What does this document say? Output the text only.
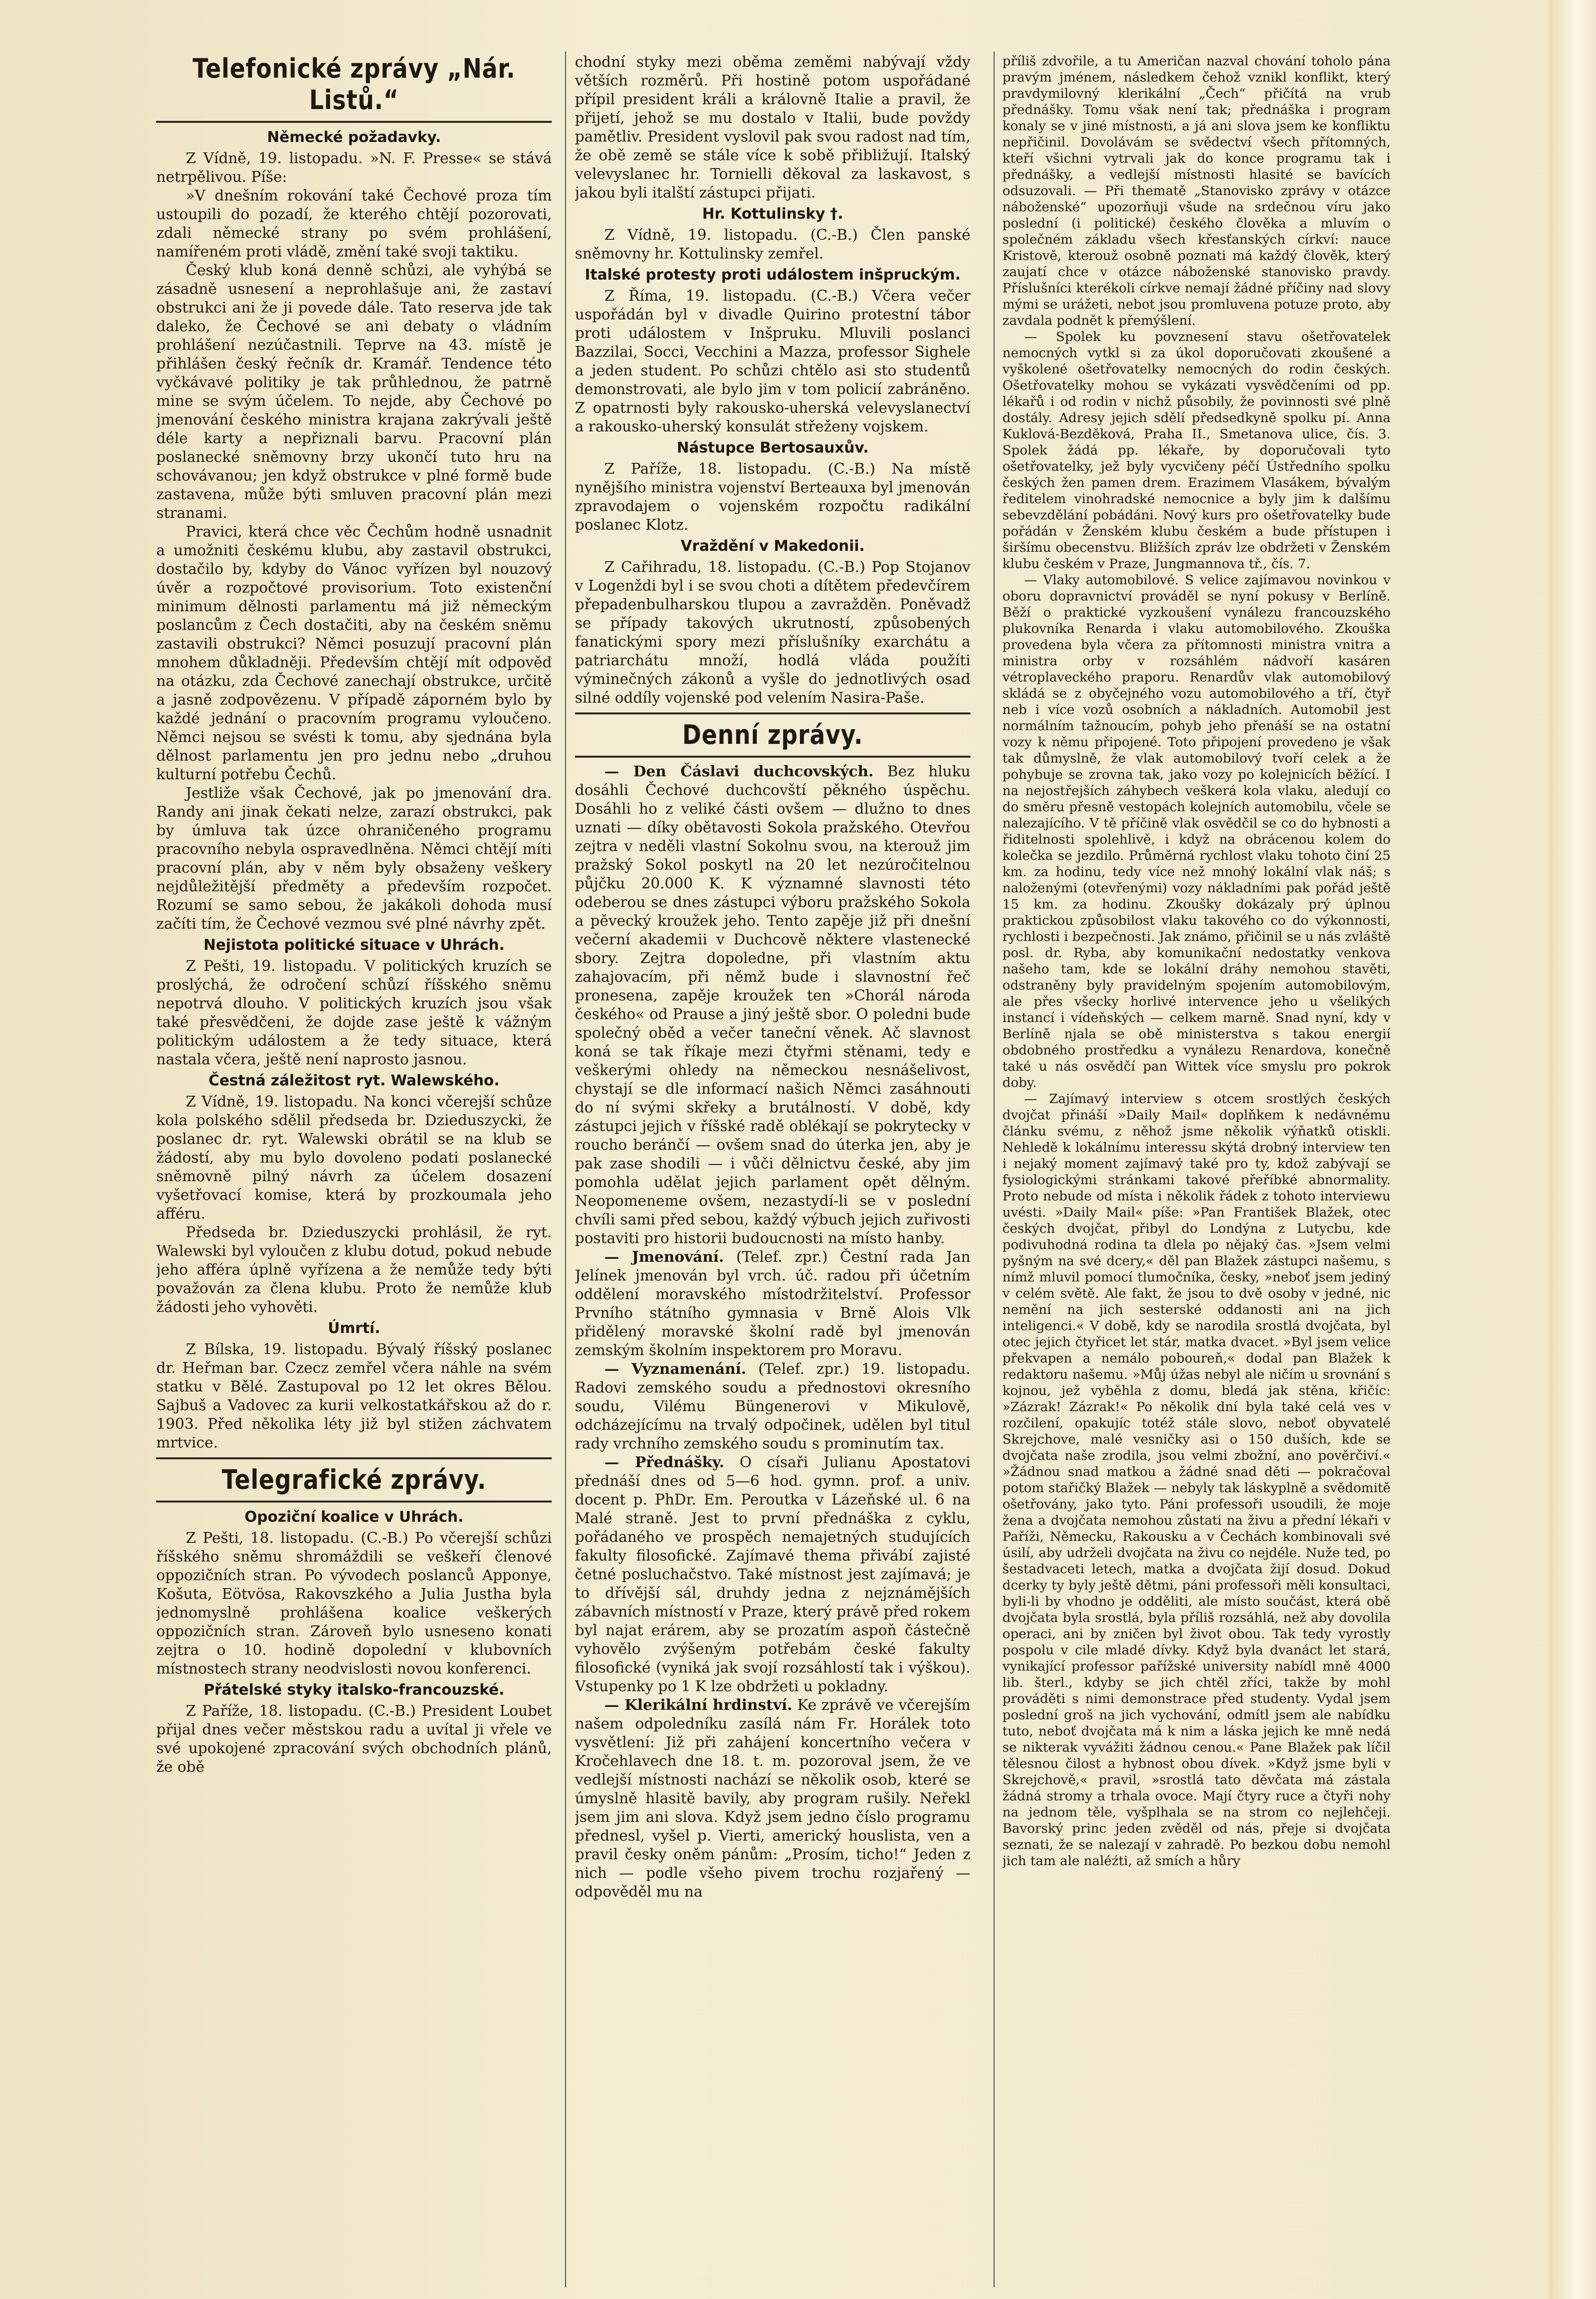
Telefonické zprávy „Nár. Listů.“
Německé požadavky.

Z Vídně, 19. listopadu. »N. F. Presse« se stává netrpělivou. Píše:

»V dnešním rokování také Čechové proza tím ustoupili do pozadí, že kterého chtějí pozorovati, zdali německé strany po svém prohlášení, namířeném proti vládě, změní také svoji taktiku.

Český klub koná denně schůzi, ale vyhýbá se zásadně usnesení a neprohlašuje ani, že zastaví obstrukci ani že ji povede dále. Tato reserva jde tak daleko, že Čechové se ani debaty o vládním prohlášení nezúčastnili. Teprve na 43. místě je přihlášen český řečník dr. Kramář. Tendence této vyčkávavé politiky je tak průhlednou, že patrně mine se svým účelem. To nejde, aby Čechové po jmenování českého ministra krajana zakrývali ještě déle karty a nepřiznali barvu. Pracovní plán poslanecké sněmovny brzy ukončí tuto hru na schovávanou; jen když obstrukce v plné formě bude zastavena, může býti smluven pracovní plán mezi stranami.

Pravici, která chce věc Čechům hodně usnadnit a umožniti českému klubu, aby zastavil obstrukci, dostačilo by, kdyby do Vánoc vyřízen byl nouzový úvěr a rozpočtové provisorium. Toto existenční minimum dělnosti parlamentu má již německým poslancům z Čech dostačiti, aby na českém sněmu zastavili obstrukci? Němci posuzují pracovní plán mnohem důkladněji. Především chtějí mít odpověď na otázku, zda Čechové zanechají obstrukce, určitě a jasně zodpovězenu. V případě záporném bylo by každé jednání o pracovním programu vyloučeno. Němci nejsou se svésti k tomu, aby sjednána byla dělnost parlamentu jen pro jednu nebo „druhou kulturní potřebu Čechů.

Jestliže však Čechové, jak po jmenování dra. Randy ani jinak čekati nelze, zarazí obstrukci, pak by úmluva tak úzce ohraničeného programu pracovního nebyla ospravedlněna. Němci chtějí míti pracovní plán, aby v něm byly obsaženy veškery nejdůležitější předměty a především rozpočet. Rozumí se samo sebou, že jakákoli dohoda musí začíti tím, že Čechové vezmou své plné návrhy zpět.

Nejistota politické situace v Uhrách.

Z Pešti, 19. listopadu. V politických kruzích se proslýchá, že odročení schůzí říšského sněmu nepotrvá dlouho. V politických kruzích jsou však také přesvědčeni, že dojde zase ještě k vážným politickým událostem a že tedy situace, která nastala včera, ještě není naprosto jasnou.

Čestná záležitost ryt. Walewského.

Z Vídně, 19. listopadu. Na konci včerejší schůze kola polského sdělil předseda br. Dzieduszycki, že poslanec dr. ryt. Walewski obrátil se na klub se žádostí, aby mu bylo dovoleno podati poslanecké sněmovně pilný návrh za účelem dosazení vyšetřovací komise, která by prozkoumala jeho afféru.

Předseda br. Dzieduszycki prohlásil, že ryt. Walewski byl vyloučen z klubu dotud, pokud nebude jeho afféra úplně vyřízena a že nemůže tedy býti považován za člena klubu. Proto že nemůže klub žádosti jeho vyhověti.

Úmrtí.

Z Bílska, 19. listopadu. Bývalý říšský poslanec dr. Heřman bar. Czecz zemřel včera náhle na svém statku v Bělé. Zastupoval po 12 let okres Bělou. Sajbuš a Vadovec za kurii velkostatkářskou až do r. 1903. Před několika léty již byl stižen záchvatem mrtvice.

Telegrafické zprávy.
Opoziční koalice v Uhrách.

Z Pešti, 18. listopadu. (C.-B.) Po včerejší schůzi říšského sněmu shromáždili se veškeří členové oppozičních stran. Po vývodech poslanců Apponye, Košuta, Eötvösa, Rakovszkého a Julia Justha byla jednomyslně prohlášena koalice veškerých oppozičních stran. Zároveň bylo usneseno konati zejtra o 10. hodině dopolední v klubovních místnostech strany neodvislosti novou konferenci.

Přátelské styky italsko-francouzské.

Z Paříže, 18. listopadu. (C.-B.) President Loubet přijal dnes večer městskou radu a uvítal ji vřele ve své upokojené zpracování svých obchodních plánů, že obě

chodní styky mezi oběma zeměmi nabývají vždy větších rozměrů. Při hostině potom uspořádané přípil president králi a královně Italie a pravil, že přijetí, jehož se mu dostalo v Italii, bude povždy pamětliv. President vyslovil pak svou radost nad tím, že obě země se stále více k sobě přibližují. Italský velevyslanec hr. Tornielli děkoval za laskavost, s jakou byli italští zástupci přijati.

Hr. Kottulinsky †.

Z Vídně, 19. listopadu. (C.-B.) Člen panské sněmovny hr. Kottulinsky zemřel.

Italské protesty proti událostem inšpruckým.

Z Říma, 19. listopadu. (C.-B.) Včera večer uspořádán byl v divadle Quirino protestní tábor proti událostem v Inšpruku. Mluvili poslanci Bazzilai, Socci, Vecchini a Mazza, professor Sighele a jeden student. Po schůzi chtělo asi sto studentů demonstrovati, ale bylo jim v tom policií zabráněno. Z opatrnosti byly rakousko-uherská velevyslanectví a rakousko-uherský konsulát střeženy vojskem.

Nástupce Bertosauxův.

Z Paříže, 18. listopadu. (C.-B.) Na místě nynějšího ministra vojenství Berteauxa byl jmenován zpravodajem o vojenském rozpočtu radikální poslanec Klotz.

Vraždění v Makedonii.

Z Cařihradu, 18. listopadu. (C.-B.) Pop Stojanov v Logenždi byl i se svou choti a dítětem předevčírem přepadenbulharskou tlupou a zavražděn. Poněvadž se případy takových ukrutností, způsobených fanatickými spory mezi příslušníky exarchátu a patriarchátu množí, hodlá vláda použíti výminečných zákonů a vyšle do jednotlivých osad silné oddíly vojenské pod velením Nasira-Paše.

Denní zprávy.

— Den Čáslavi duchcovských. Bez hluku dosáhli Čechové duchcovští pěkného úspěchu. Dosáhli ho z veliké části ovšem — dlužno to dnes uznati — díky obětavosti Sokola pražského. Otevřou zejtra v neděli vlastní Sokolnu svou, na kterouž jim pražský Sokol poskytl na 20 let nezúročitelnou půjčku 20.000 K. K významné slavnosti této odeberou se dnes zástupci výboru pražského Sokola a pěvecký kroužek jeho. Tento zapěje již při dnešní večerní akademii v Duchcově některe vlastenecké sbory. Zejtra dopoledne, při vlastním aktu zahajovacím, při němž bude i slavnostní řeč pronesena, zapěje kroužek ten »Chorál národa českého« od Prause a jiný ještě sbor. O poledni bude společný oběd a večer taneční věnek. Ač slavnost koná se tak říkaje mezi čtyřmi stěnami, tedy e veškerými ohledy na německou nesnášelivost, chystají se dle informací našich Němci zasáhnouti do ní svými skřeky a brutálností. V době, kdy zástupci jejich v říšské radě oblékají se pokrytecky v roucho beránčí — ovšem snad do úterka jen, aby je pak zase shodili — i vůči dělnictvu české, aby jim pomohla udělat jejich parlament opět dělným. Neopomeneme ovšem, nezastydí-li se v poslední chvíli sami před sebou, každý výbuch jejich zuřivosti postaviti pro historii budoucnosti na místo hanby.

— Jmenování. (Telef. zpr.) Čestní rada Jan Jelínek jmenován byl vrch. úč. radou při účetním oddělení moravského místodržitelství. Professor Prvního státního gymnasia v Brně Alois Vlk přidělený moravské školní radě byl jmenován zemským školním inspektorem pro Moravu.

— Vyznamenání. (Telef. zpr.) 19. listopadu. Radovi zemského soudu a přednostovi okresního soudu, Vilému Büngenerovi v Mikulově, odcházejícímu na trvalý odpočinek, udělen byl titul rady vrchního zemského soudu s prominutím tax.

— Přednášky. O císaři Julianu Apostatovi přednáší dnes od 5—6 hod. gymn. prof. a univ. docent p. PhDr. Em. Peroutka v Lázeňské ul. 6 na Malé straně. Jest to první přednáška z cyklu, pořádaného ve prospěch nemajetných studujících fakulty filosofické. Zajímavé thema přivábí zajisté četné posluchačstvo. Také místnost jest zajímavá; je to dřívější sál, druhdy jedna z nejznámějších zábavních místností v Praze, který právě před rokem byl najat erárem, aby se prozatím aspoň částečně vyhovělo zvýšeným potřebám české fakulty filosofické (vyniká jak svojí rozsáhlostí tak i výškou). Vstupenky po 1 K lze obdržeti u pokladny.

— Klerikální hrdinství. Ke zprávě ve včerejším našem odpoledníku zasílá nám Fr. Horálek toto vysvětlení: Již při zahájení koncertního večera v Kročehlavech dne 18. t. m. pozoroval jsem, že ve vedlejší místnosti nachází se několik osob, které se úmyslně hlasitě bavily, aby program rušily. Neřekl jsem jim ani slova. Když jsem jedno číslo programu přednesl, vyšel p. Vierti, americký houslista, ven a pravil česky oněm pánům: „Prosím, ticho!“ Jeden z nich — podle všeho pivem trochu rozjařený — odpověděl mu na

příliš zdvořile, a tu Američan nazval chování toholo pána pravým jménem, následkem čehož vznikl konflikt, který pravdymilovný klerikální „Čech“ přičítá na vrub přednášky. Tomu však není tak; přednáška i program konaly se v jiné místnosti, a já ani slova jsem ke konfliktu nepřičinil. Dovolávám se svědectví všech přítomných, kteří všichni vytrvali jak do konce programu tak i přednášky, a vedlejší místnosti hlasité se bavících odsuzovali. — Při thematě „Stanovisko zprávy v otázce náboženské“ upozorňuji všude na srdečnou víru jako poslední (i politické) českého člověka a mluvím o společném základu všech křesťanských církví: nauce Kristově, kterouž osobně poznati má každý člověk, který zaujatí chce v otázce náboženské stanovisko pravdy. Příslušníci kterékoli církve nemají žádné příčiny nad slovy mými se urážeti, nebot jsou promluvena potuze proto, aby zavdala podnět k přemýšlení.

— Spolek ku povznesení stavu ošetřovatelek nemocných vytkl si za úkol doporučovati zkoušené a vyškolené ošetřovatelky nemocných do rodin českých. Ošetřovatelky mohou se vykázati vysvědčeními od pp. lékařů i od rodin v nichž působily, že povinnosti své plně dostály. Adresy jejich sdělí předsedkyně spolku pí. Anna Kuklová-Bezděková, Praha II., Smetanova ulice, čís. 3. Spolek žádá pp. lékaře, by doporučovali tyto ošetřovatelky, jež byly vycvičeny péčí Ústředního spolku českých žen pamen drem. Erazimem Vlasákem, bývalým ředitelem vinohradské nemocnice a byly jim k dalšímu sebevzdělání pobádáni. Nový kurs pro ošetřovatelky bude pořádán v Ženském klubu českém a bude přístupen i širšímu obecenstvu. Bližších zpráv lze obdržeti v Ženském klubu českém v Praze, Jungmannova tř., čís. 7.

— Vlaky automobilové. S velice zajímavou novinkou v oboru dopravnictví prováděl se nyní pokusy v Berlíně. Běží o praktické vyzkoušení vynálezu francouzského plukovníka Renarda i vlaku automobilového. Zkouška provedena byla včera za přítomnosti ministra vnitra a ministra orby v rozsáhlém nádvoří kasáren vétroplaveckého praporu. Renardův vlak automobilový skládá se z obyčejného vozu automobilového a tří, čtyř neb i více vozů osobních a nákladních. Automobil jest normálním tažnoucím, pohyb jeho přenáší se na ostatní vozy k němu připojené. Toto připojení provedeno je však tak důmyslně, že vlak automobilový tvoří celek a že pohybuje se zrovna tak, jako vozy po kolejnicích běžící. I na nejostřejších záhybech veškerá kola vlaku, aledují co do směru přesně vestopách kolejních automobilu, včele se nalezajícího. V tě příčině vlak osvědčil se co do hybnosti a řiditelnosti spolehlivě, i když na obrácenou kolem do kolečka se jezdilo. Průměrná rychlost vlaku tohoto činí 25 km. za hodinu, tedy více než mnohý lokální vlak náš; s naloženými (otevřenými) vozy nákladními pak pořád ještě 15 km. za hodinu. Zkoušky dokázaly prý úplnou praktickou způsobilost vlaku takového co do výkonnosti, rychlosti i bezpečnosti. Jak známo, přičinil se u nás zvláště posl. dr. Ryba, aby komunikační nedostatky venkova našeho tam, kde se lokální dráhy nemohou stavěti, odstraněny byly pravidelným spojením automobilovým, ale přes všecky horlivé intervence jeho u všelikých instancí i vídeňských — celkem marně. Snad nyní, kdy v Berlíně njala se obě ministerstva s takou energií obdobného prostředku a vynálezu Renardova, konečně také u nás osvědčí pan Wittek více smyslu pro pokrok doby.

— Zajímavý interview s otcem srostlých českých dvojčat přináší »Daily Mail« doplňkem k nedávnému článku svému, z něhož jsme několik výňatků otiskli. Nehledě k lokálnímu interessu skýtá drobný interview ten i nejaký moment zajímavý také pro ty, kdož zabývají se fysiologickými stránkami takové přeříbké abnormality. Proto nebude od místa i několik řádek z tohoto interviewu uvésti. »Daily Mail« píše: »Pan František Blažek, otec českých dvojčat, přibyl do Londýna z Lutycbu, kde podivuhodná rodina ta dlela po nějaký čas. »Jsem velmi pyšným na své dcery,« děl pan Blažek zástupci našemu, s nímž mluvil pomocí tlumočníka, česky, »neboť jsem jediný v celém světě. Ale fakt, že jsou to dvě osoby v jedné, nic nemění na jich sesterské oddanosti ani na jich inteligenci.« V době, kdy se narodila srostlá dvojčata, byl otec jejich čtyřicet let stár, matka dvacet. »Byl jsem velice překvapen a nemálo poboureň,« dodal pan Blažek k redaktoru našemu. »Můj úžas nebyl ale ničím u srovnání s kojnou, jež vyběhla z domu, bledá jak stěna, křičíc: »Zázrak! Zázrak!« Po několik dní byla také celá ves v rozčilení, opakujíc totéž stále slovo, neboť obyvatelé Skrejchove, malé vesničky asi o 150 duších, kde se dvojčata naše zrodila, jsou velmi zbožní, ano pověrčiví.« »Žádnou snad matkou a žádné snad děti — pokračoval potom stařičký Blažek — nebyly tak láskyplně a svědomitě ošetřovány, jako tyto. Páni professoři usoudili, že moje žena a dvojčata nemohou zůstati na živu a přední lékaři v Paříži, Německu, Rakousku a v Čechách kombinovali své úsilí, aby udrželi dvojčata na živu co nejdéle. Nuže ted, po šestadvaceti letech, matka a dvojčata žijí dosud. Dokud dcerky ty byly ještě dětmi, páni professoři měli konsultaci, byli-li by vhodno je odděliti, ale místo součást, která obě dvojčata byla srostlá, byla příliš rozsáhlá, než aby dovolila operaci, ani by zničen byl život obou. Tak tedy vyrostly pospolu v cile mladé dívky. Když byla dvanáct let stará, vynikající professor pařížské university nabídl mně 4000 lib. šterl., kdyby se jich chtěl zříci, takže by mohl prováděti s nimi demonstrace před studenty. Vydal jsem poslední groš na jich vychování, odmítl jsem ale nabídku tuto, neboť dvojčata má k nim a láska jejich ke mně nedá se nikterak vyvážiti žádnou cenou.« Pane Blažek pak líčil tělesnou čilost a hybnost obou dívek. »Když jsme byli v Skrejchově,« pravil, »srostlá tato děvčata má zástala žádná stromy a trhala ovoce. Mají čtyry ruce a čtyři nohy na jednom těle, vyšplhala se na strom co nejlehčeji. Bavorský princ jeden zvěděl od nás, přeje si dvojčata seznati, že se nalezají v zahradě. Po bezkou dobu nemohl jich tam ale naléźti, až smích a hůry
